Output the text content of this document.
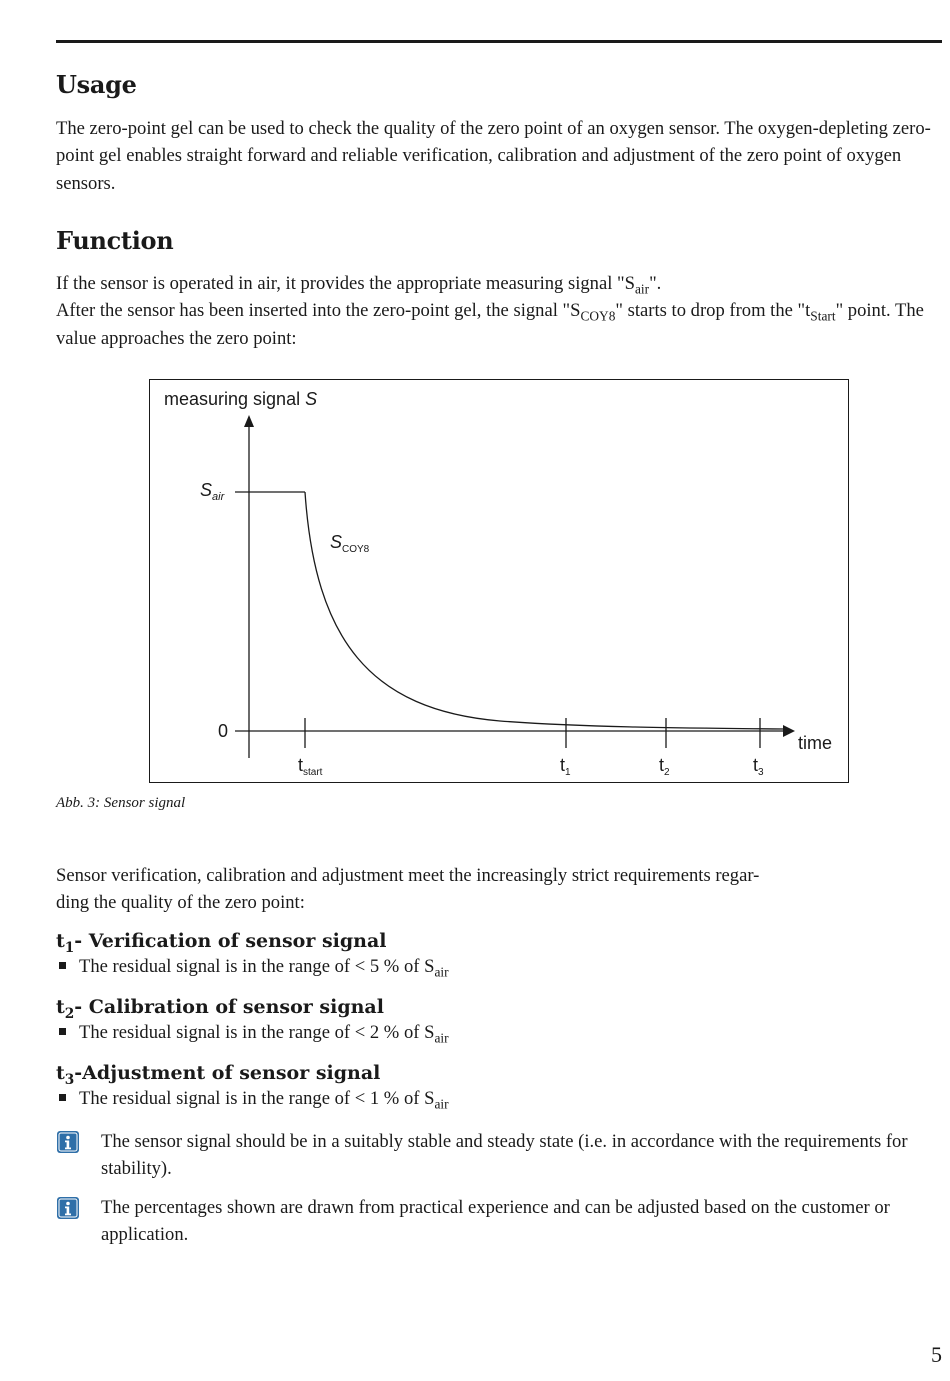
Usage

The zero-point gel can be used to check the quality of the zero point of an oxygen sensor. The oxygen-depleting zero-point gel enables straight forward and reliable verification, calibration and adjustment of the zero point of oxygen sensors.

Function

If the sensor is operated in air, it provides the appropriate measuring signal "$S_{air}$".
After the sensor has been inserted into the zero-point gel, the signal "$S_{COY8}$" starts to drop from the "$t_{Start}$" point. The value approaches the zero point:

measuring signal S
time
0
$S_{air}$
$S_{COY8}$
$t_{start}$	$t_1$	$t_2$	$t_3$
Abb. 3: Sensor signal

Sensor verification, calibration and adjustment meet the increasingly strict requirements regar-
ding the quality of the zero point:

$t_1-$ Verification of sensor signal
The residual signal is in the range of < 5 % of $S_{air}$
$t_2-$ Calibration of sensor signal
The residual signal is in the range of < 2 % of $S_{air}$
$t_3$-Adjustment of sensor signal
The residual signal is in the range of < 1 % of $S_{air}$
The sensor signal should be in a suitably stable and steady state (i.e. in accordance with the requirements for stability).
The percentages shown are drawn from practical experience and can be adjusted based on the customer or application.
5
